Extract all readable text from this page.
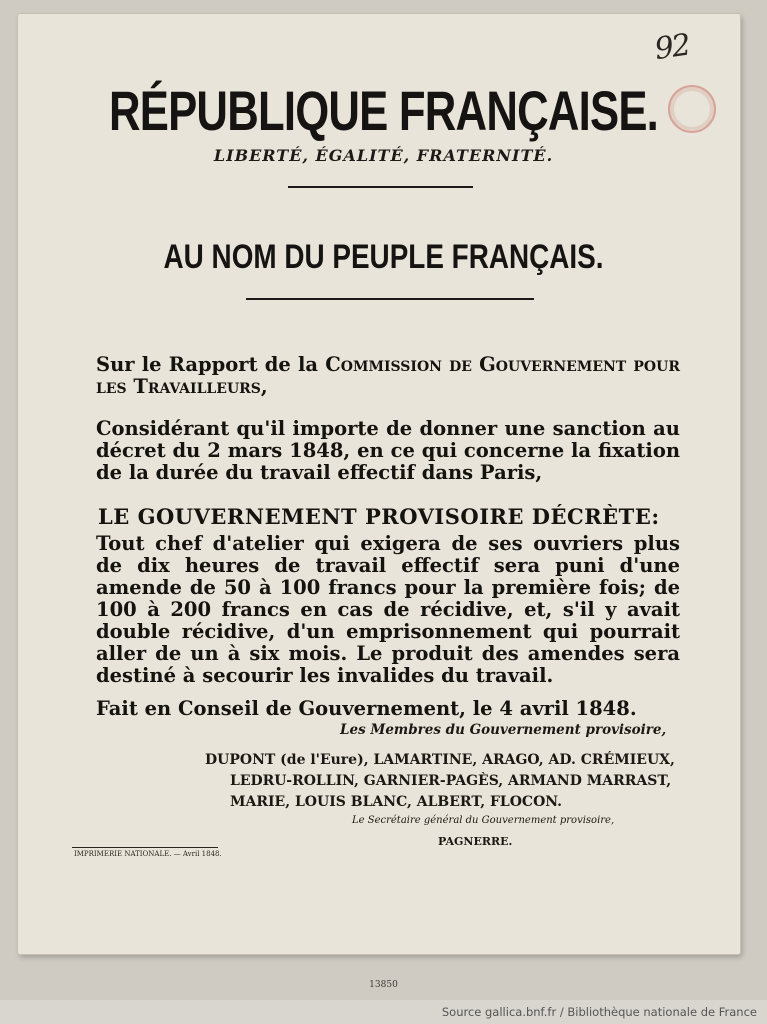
92
RÉPUBLIQUE FRANÇAISE.
LIBERTÉ, ÉGALITÉ, FRATERNITÉ.
AU NOM DU PEUPLE FRANÇAIS.

Sur le Rapport de la Commission de Gouvernement pour les Travailleurs,

Considérant qu'il importe de donner une sanction au décret du 2 mars 1848, en ce qui concerne la fixation de la durée du travail effectif dans Paris,

LE GOUVERNEMENT PROVISOIRE DÉCRÈTE:

Tout chef d'atelier qui exigera de ses ouvriers plus de dix heures de travail effectif sera puni d'une amende de 50 à 100 francs pour la première fois; de 100 à 200 francs en cas de récidive, et, s'il y avait double récidive, d'un emprisonnement qui pourrait aller de un à six mois. Le produit des amendes sera destiné à secourir les invalides du travail.

Fait en Conseil de Gouvernement, le 4 avril 1848.
Les Membres du Gouvernement provisoire,
DUPONT (de l'Eure), LAMARTINE, ARAGO, AD. CRÉMIEUX,
LEDRU-ROLLIN, GARNIER-PAGÈS, ARMAND MARRAST,
MARIE, LOUIS BLANC, ALBERT, FLOCON.
Le Secrétaire général du Gouvernement provisoire,
PAGNERRE.
IMPRIMERIE NATIONALE. — Avril 1848.
13850
Source gallica.bnf.fr / Bibliothèque nationale de France
